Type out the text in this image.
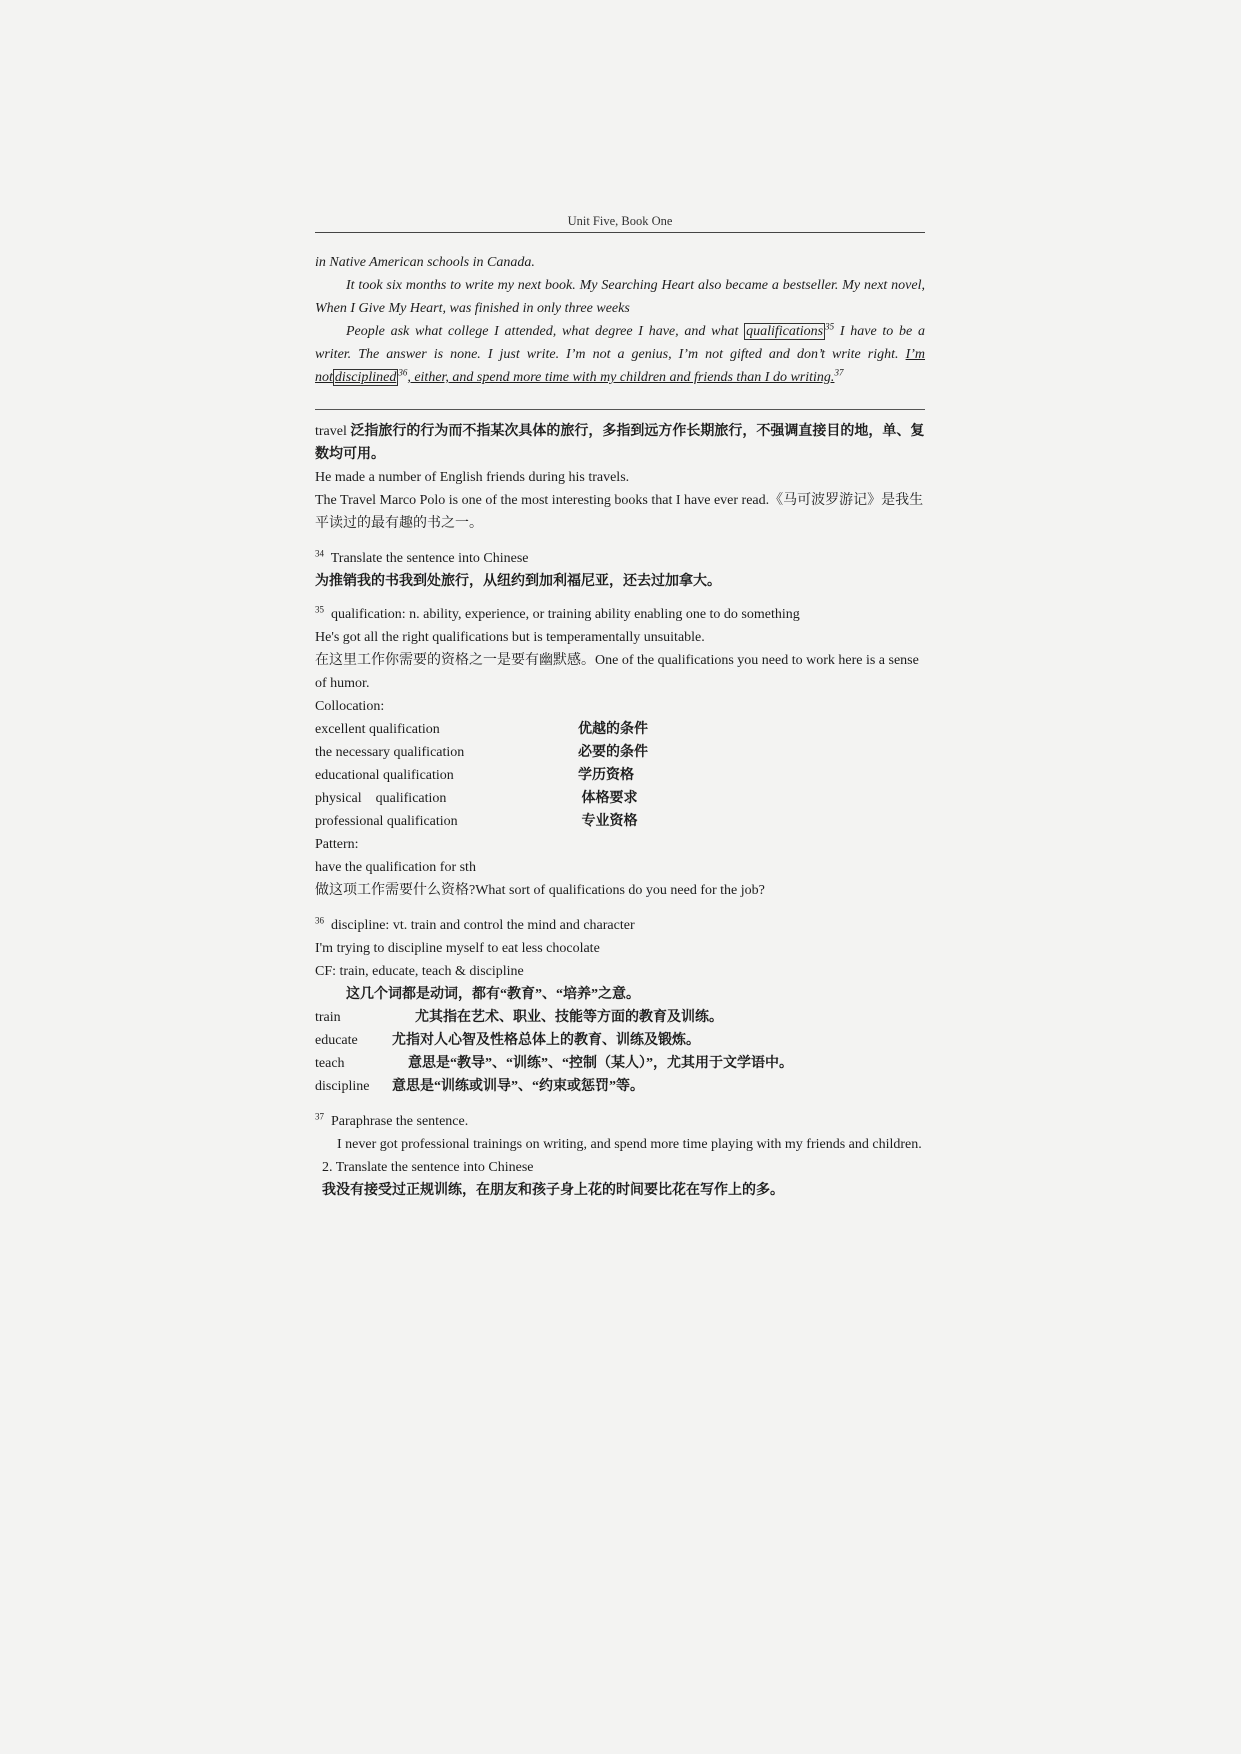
Unit Five, Book One

in Native American schools in Canada.

It took six months to write my next book. My Searching Heart also became a bestseller. My next novel, When I Give My Heart, was finished in only three weeks

People ask what college I attended, what degree I have, and what qualifications $^{35}$ I have to be a writer. The answer is none. I just write. I’m not a genius, I’m not gifted and don’t write right. I’m not disciplined $^{36}$, either, and spend more time with my children and friends than I do writing.$^{37}$

travel 泛指旅行的行为而不指某次具体的旅行，多指到远方作长期旅行，不强调直接目的地，单、复数均可用。

He made a number of English friends during his travels.

The Travel Marco Polo is one of the most interesting books that I have ever read.《马可波罗游记》是我生平读过的最有趣的书之一。

$^{34}$ Translate the sentence into Chinese

为推销我的书我到处旅行，从纽约到加利福尼亚，还去过加拿大。

$^{35}$ qualification: n. ability, experience, or training ability enabling one to do something

He's got all the right qualifications but is temperamentally unsuitable.

在这里工作你需要的资格之一是要有幽默感。One of the qualifications you need to work here is a sense of humor.

Collocation:

excellent qualification	优越的条件
the necessary qualification	必要的条件
educational qualification	学历资格
physical    qualification	体格要求
professional qualification	专业资格

Pattern:

have the qualification for sth

做这项工作需要什么资格?What sort of qualifications do you need for the job?

$^{36}$ discipline: vt. train and control the mind and character

I'm trying to discipline myself to eat less chocolate

CF: train, educate, teach & discipline

这几个词都是动词，都有“教育”、“培养”之意。

train	尤其指在艺术、职业、技能等方面的教育及训练。
educate	尤指对人心智及性格总体上的教育、训练及锻炼。
teach	意思是“教导”、“训练”、“控制（某人）”，尤其用于文学语中。
discipline	意思是“训练或训导”、“约束或惩罚”等。

$^{37}$ Paraphrase the sentence.

I never got professional trainings on writing, and spend more time playing with my friends and children.

2. Translate the sentence into Chinese

我没有接受过正规训练，在朋友和孩子身上花的时间要比花在写作上的多。
